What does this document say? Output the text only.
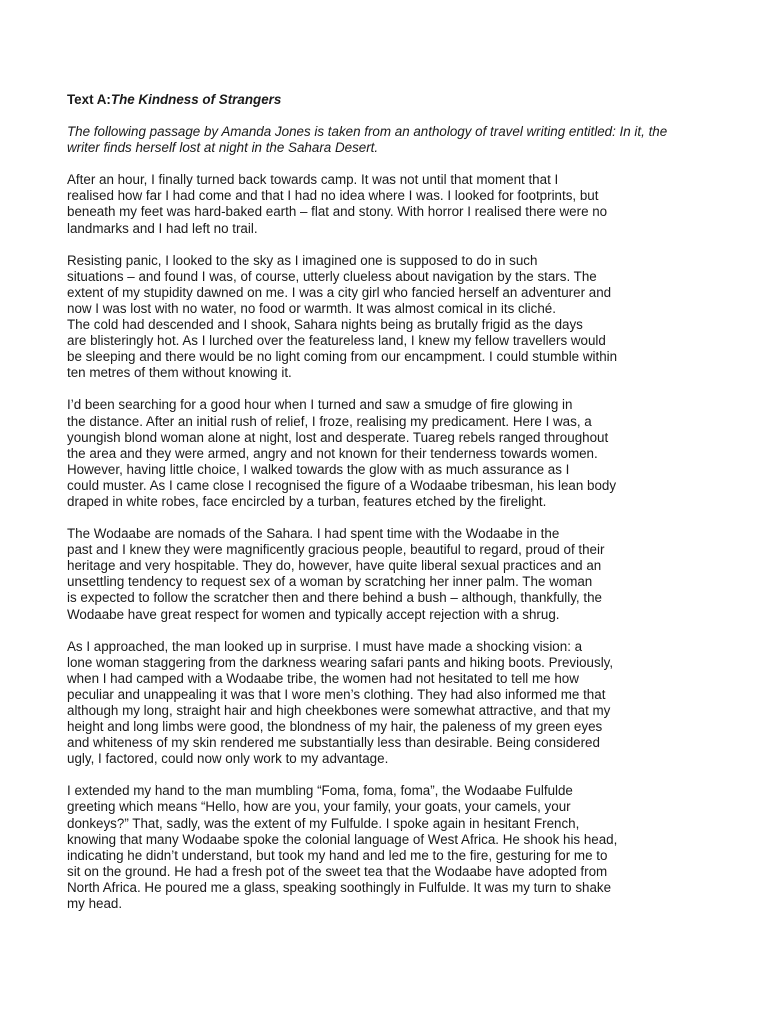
Text A:The Kindness of Strangers
The following passage by Amanda Jones is taken from an anthology of travel writing entitled: In it, the
writer finds herself lost at night in the Sahara Desert.
After an hour, I finally turned back towards camp. It was not until that moment that I
realised how far I had come and that I had no idea where I was. I looked for footprints, but
beneath my feet was hard-baked earth – flat and stony. With horror I realised there were no
landmarks and I had left no trail.
Resisting panic, I looked to the sky as I imagined one is supposed to do in such
situations – and found I was, of course, utterly clueless about navigation by the stars. The
extent of my stupidity dawned on me. I was a city girl who fancied herself an adventurer and
now I was lost with no water, no food or warmth. It was almost comical in its cliché.
The cold had descended and I shook, Sahara nights being as brutally frigid as the days
are blisteringly hot. As I lurched over the featureless land, I knew my fellow travellers would
be sleeping and there would be no light coming from our encampment. I could stumble within
ten metres of them without knowing it.
I’d been searching for a good hour when I turned and saw a smudge of fire glowing in
the distance. After an initial rush of relief, I froze, realising my predicament. Here I was, a
youngish blond woman alone at night, lost and desperate. Tuareg rebels ranged throughout
the area and they were armed, angry and not known for their tenderness towards women.
However, having little choice, I walked towards the glow with as much assurance as I
could muster. As I came close I recognised the figure of a Wodaabe tribesman, his lean body
draped in white robes, face encircled by a turban, features etched by the firelight.
The Wodaabe are nomads of the Sahara. I had spent time with the Wodaabe in the
past and I knew they were magnificently gracious people, beautiful to regard, proud of their
heritage and very hospitable. They do, however, have quite liberal sexual practices and an
unsettling tendency to request sex of a woman by scratching her inner palm. The woman
is expected to follow the scratcher then and there behind a bush – although, thankfully, the
Wodaabe have great respect for women and typically accept rejection with a shrug.
As I approached, the man looked up in surprise. I must have made a shocking vision: a
lone woman staggering from the darkness wearing safari pants and hiking boots. Previously,
when I had camped with a Wodaabe tribe, the women had not hesitated to tell me how
peculiar and unappealing it was that I wore men’s clothing. They had also informed me that
although my long, straight hair and high cheekbones were somewhat attractive, and that my
height and long limbs were good, the blondness of my hair, the paleness of my green eyes
and whiteness of my skin rendered me substantially less than desirable. Being considered
ugly, I factored, could now only work to my advantage.
I extended my hand to the man mumbling “Foma, foma, foma”, the Wodaabe Fulfulde
greeting which means “Hello, how are you, your family, your goats, your camels, your
donkeys?” That, sadly, was the extent of my Fulfulde. I spoke again in hesitant French,
knowing that many Wodaabe spoke the colonial language of West Africa. He shook his head,
indicating he didn’t understand, but took my hand and led me to the fire, gesturing for me to
sit on the ground. He had a fresh pot of the sweet tea that the Wodaabe have adopted from
North Africa. He poured me a glass, speaking soothingly in Fulfulde. It was my turn to shake
my head.
